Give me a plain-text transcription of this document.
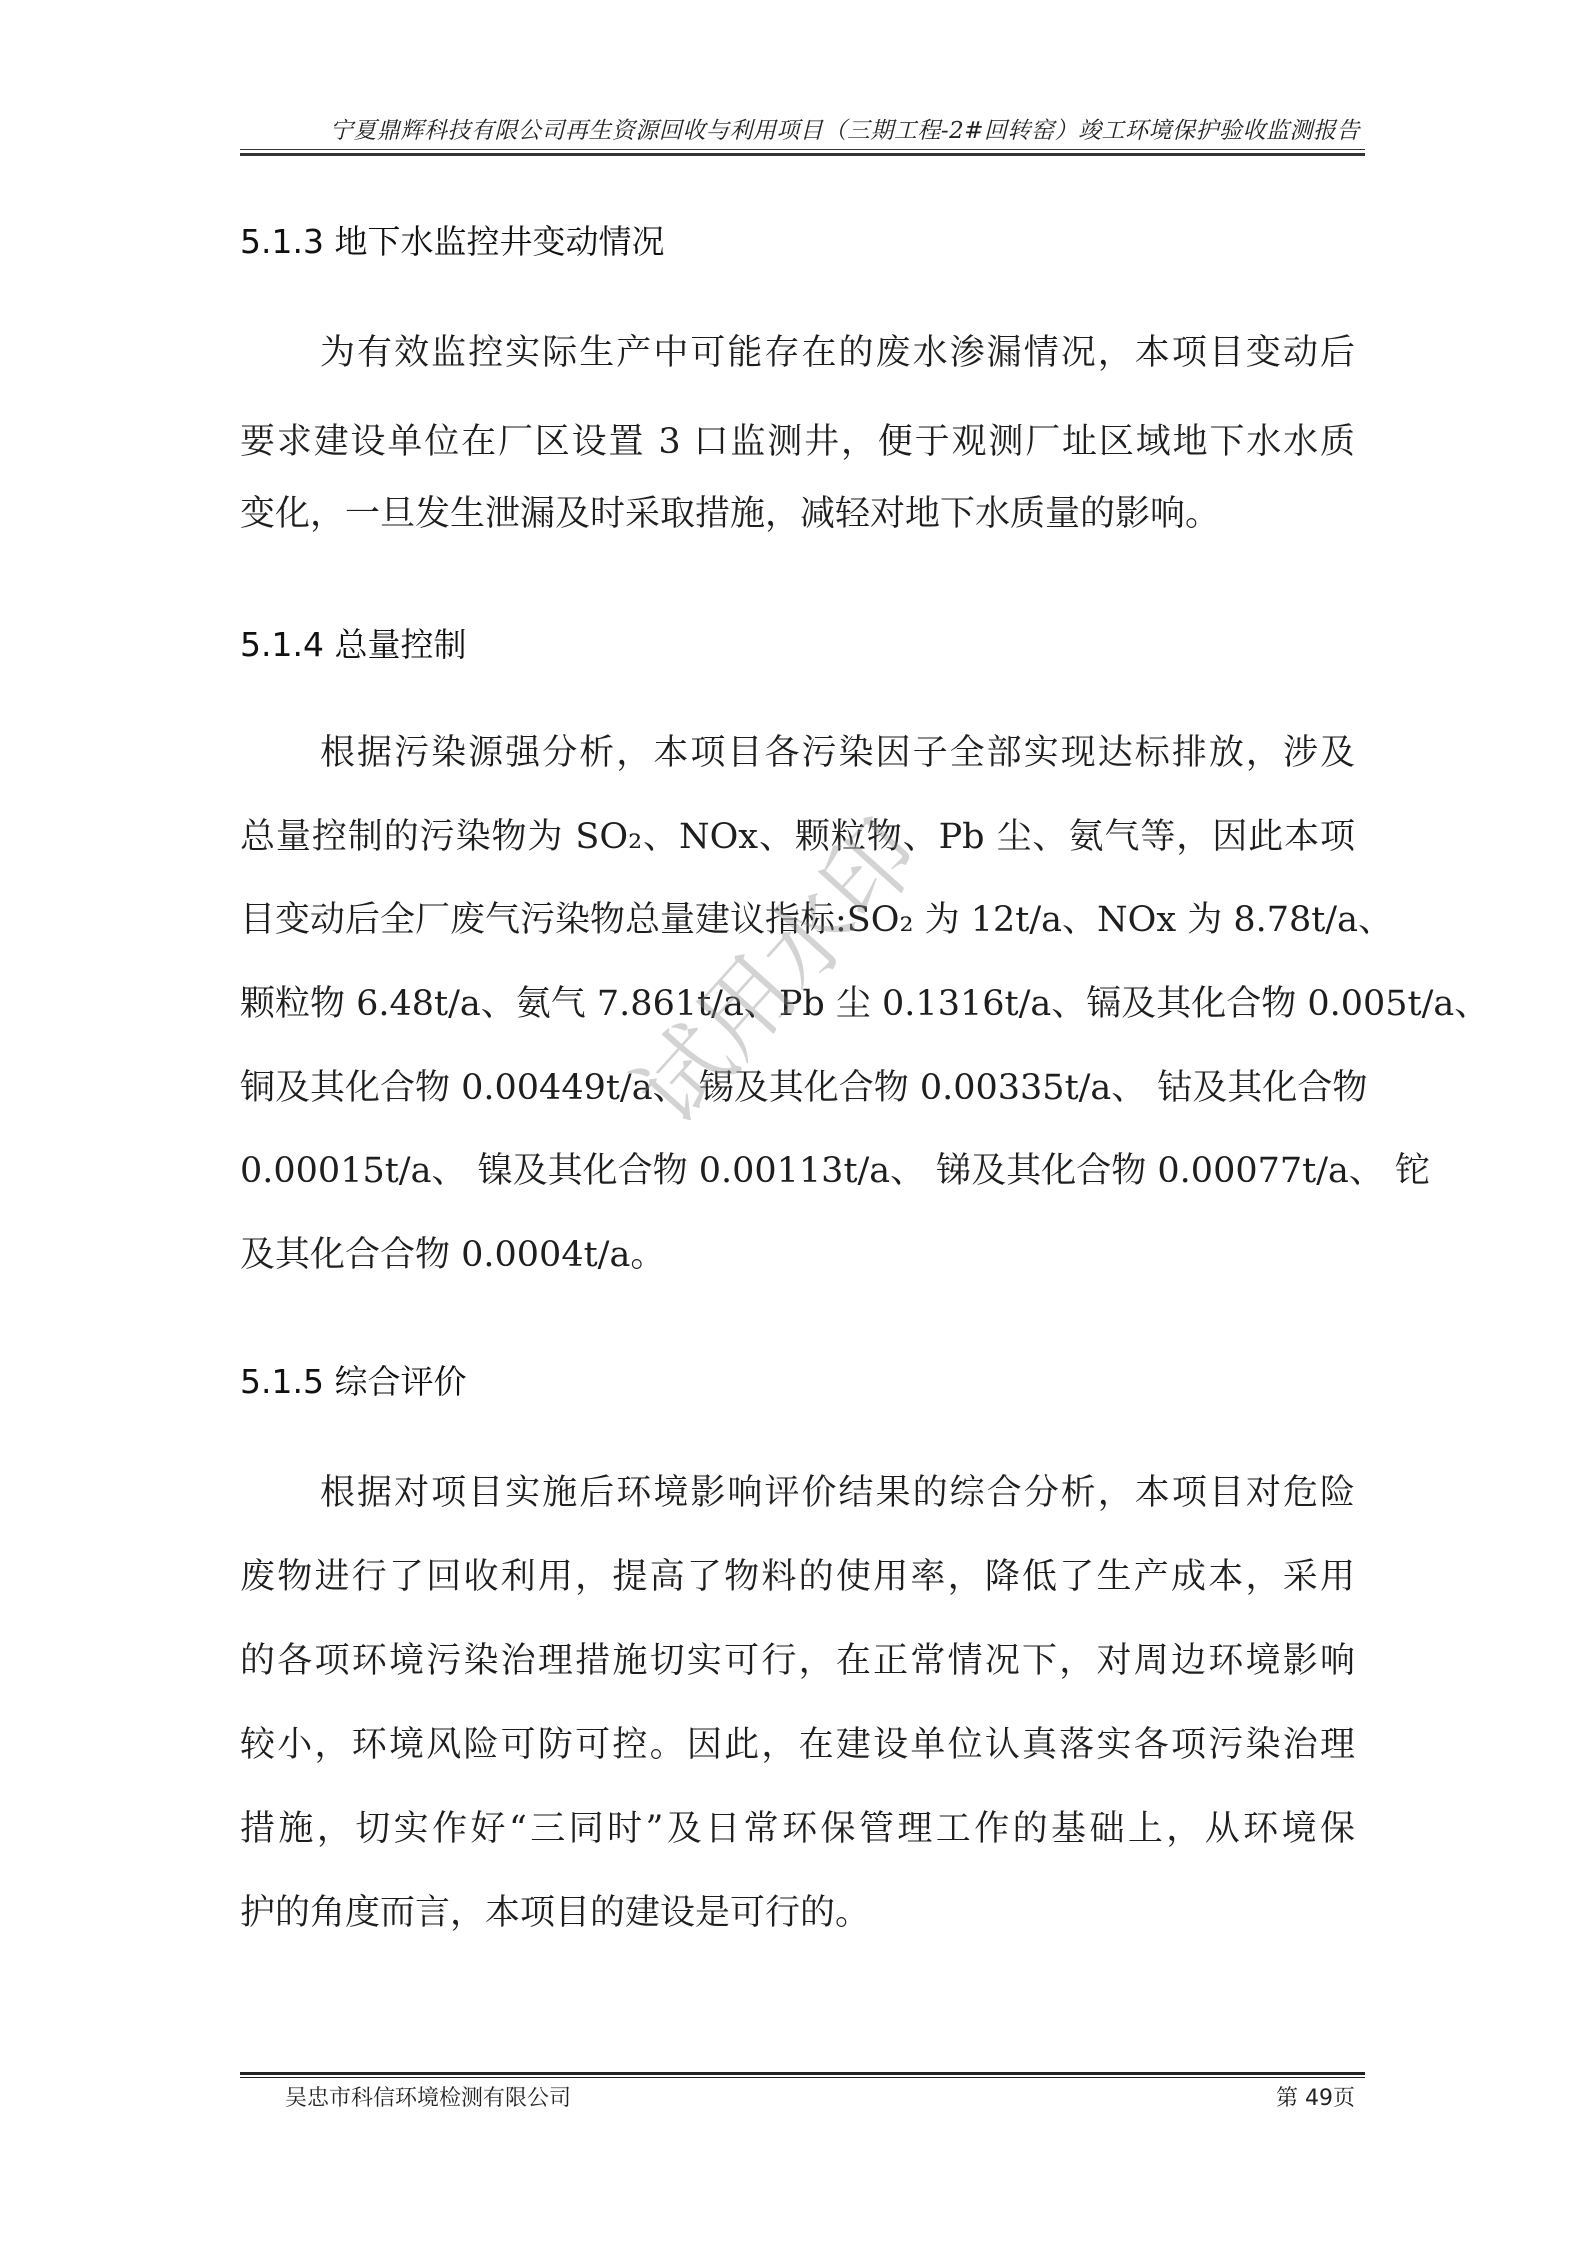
宁夏鼎辉科技有限公司再生资源回收与利用项目（三期工程-2#回转窑）竣工环境保护验收监测报告
5.1.3 地下水监控井变动情况

为有效监控实际生产中可能存在的废水渗漏情况，本项目变动后

要求建设单位在厂区设置 3 口监测井，便于观测厂址区域地下水水质

变化，一旦发生泄漏及时采取措施，减轻对地下水质量的影响。

5.1.4 总量控制

根据污染源强分析，本项目各污染因子全部实现达标排放，涉及

总量控制的污染物为 SO₂、NOx、颗粒物、Pb 尘、氨气等，因此本项

目变动后全厂废气污染物总量建议指标:SO₂ 为 12t/a、NOx 为 8.78t/a、

颗粒物 6.48t/a、氨气 7.861t/a、Pb 尘 0.1316t/a、镉及其化合物 0.005t/a、

铜及其化合物 0.00449t/a、 锡及其化合物 0.00335t/a、 钴及其化合物

0.00015t/a、 镍及其化合物 0.00113t/a、 锑及其化合物 0.00077t/a、 铊

及其化合合物 0.0004t/a。

5.1.5 综合评价

根据对项目实施后环境影响评价结果的综合分析，本项目对危险

废物进行了回收利用，提高了物料的使用率，降低了生产成本，采用

的各项环境污染治理措施切实可行，在正常情况下，对周边环境影响

较小，环境风险可防可控。因此，在建设单位认真落实各项污染治理

措施，切实作好“三同时”及日常环保管理工作的基础上，从环境保

护的角度而言，本项目的建设是可行的。

试用水印
吴忠市科信环境检测有限公司	第 49页
